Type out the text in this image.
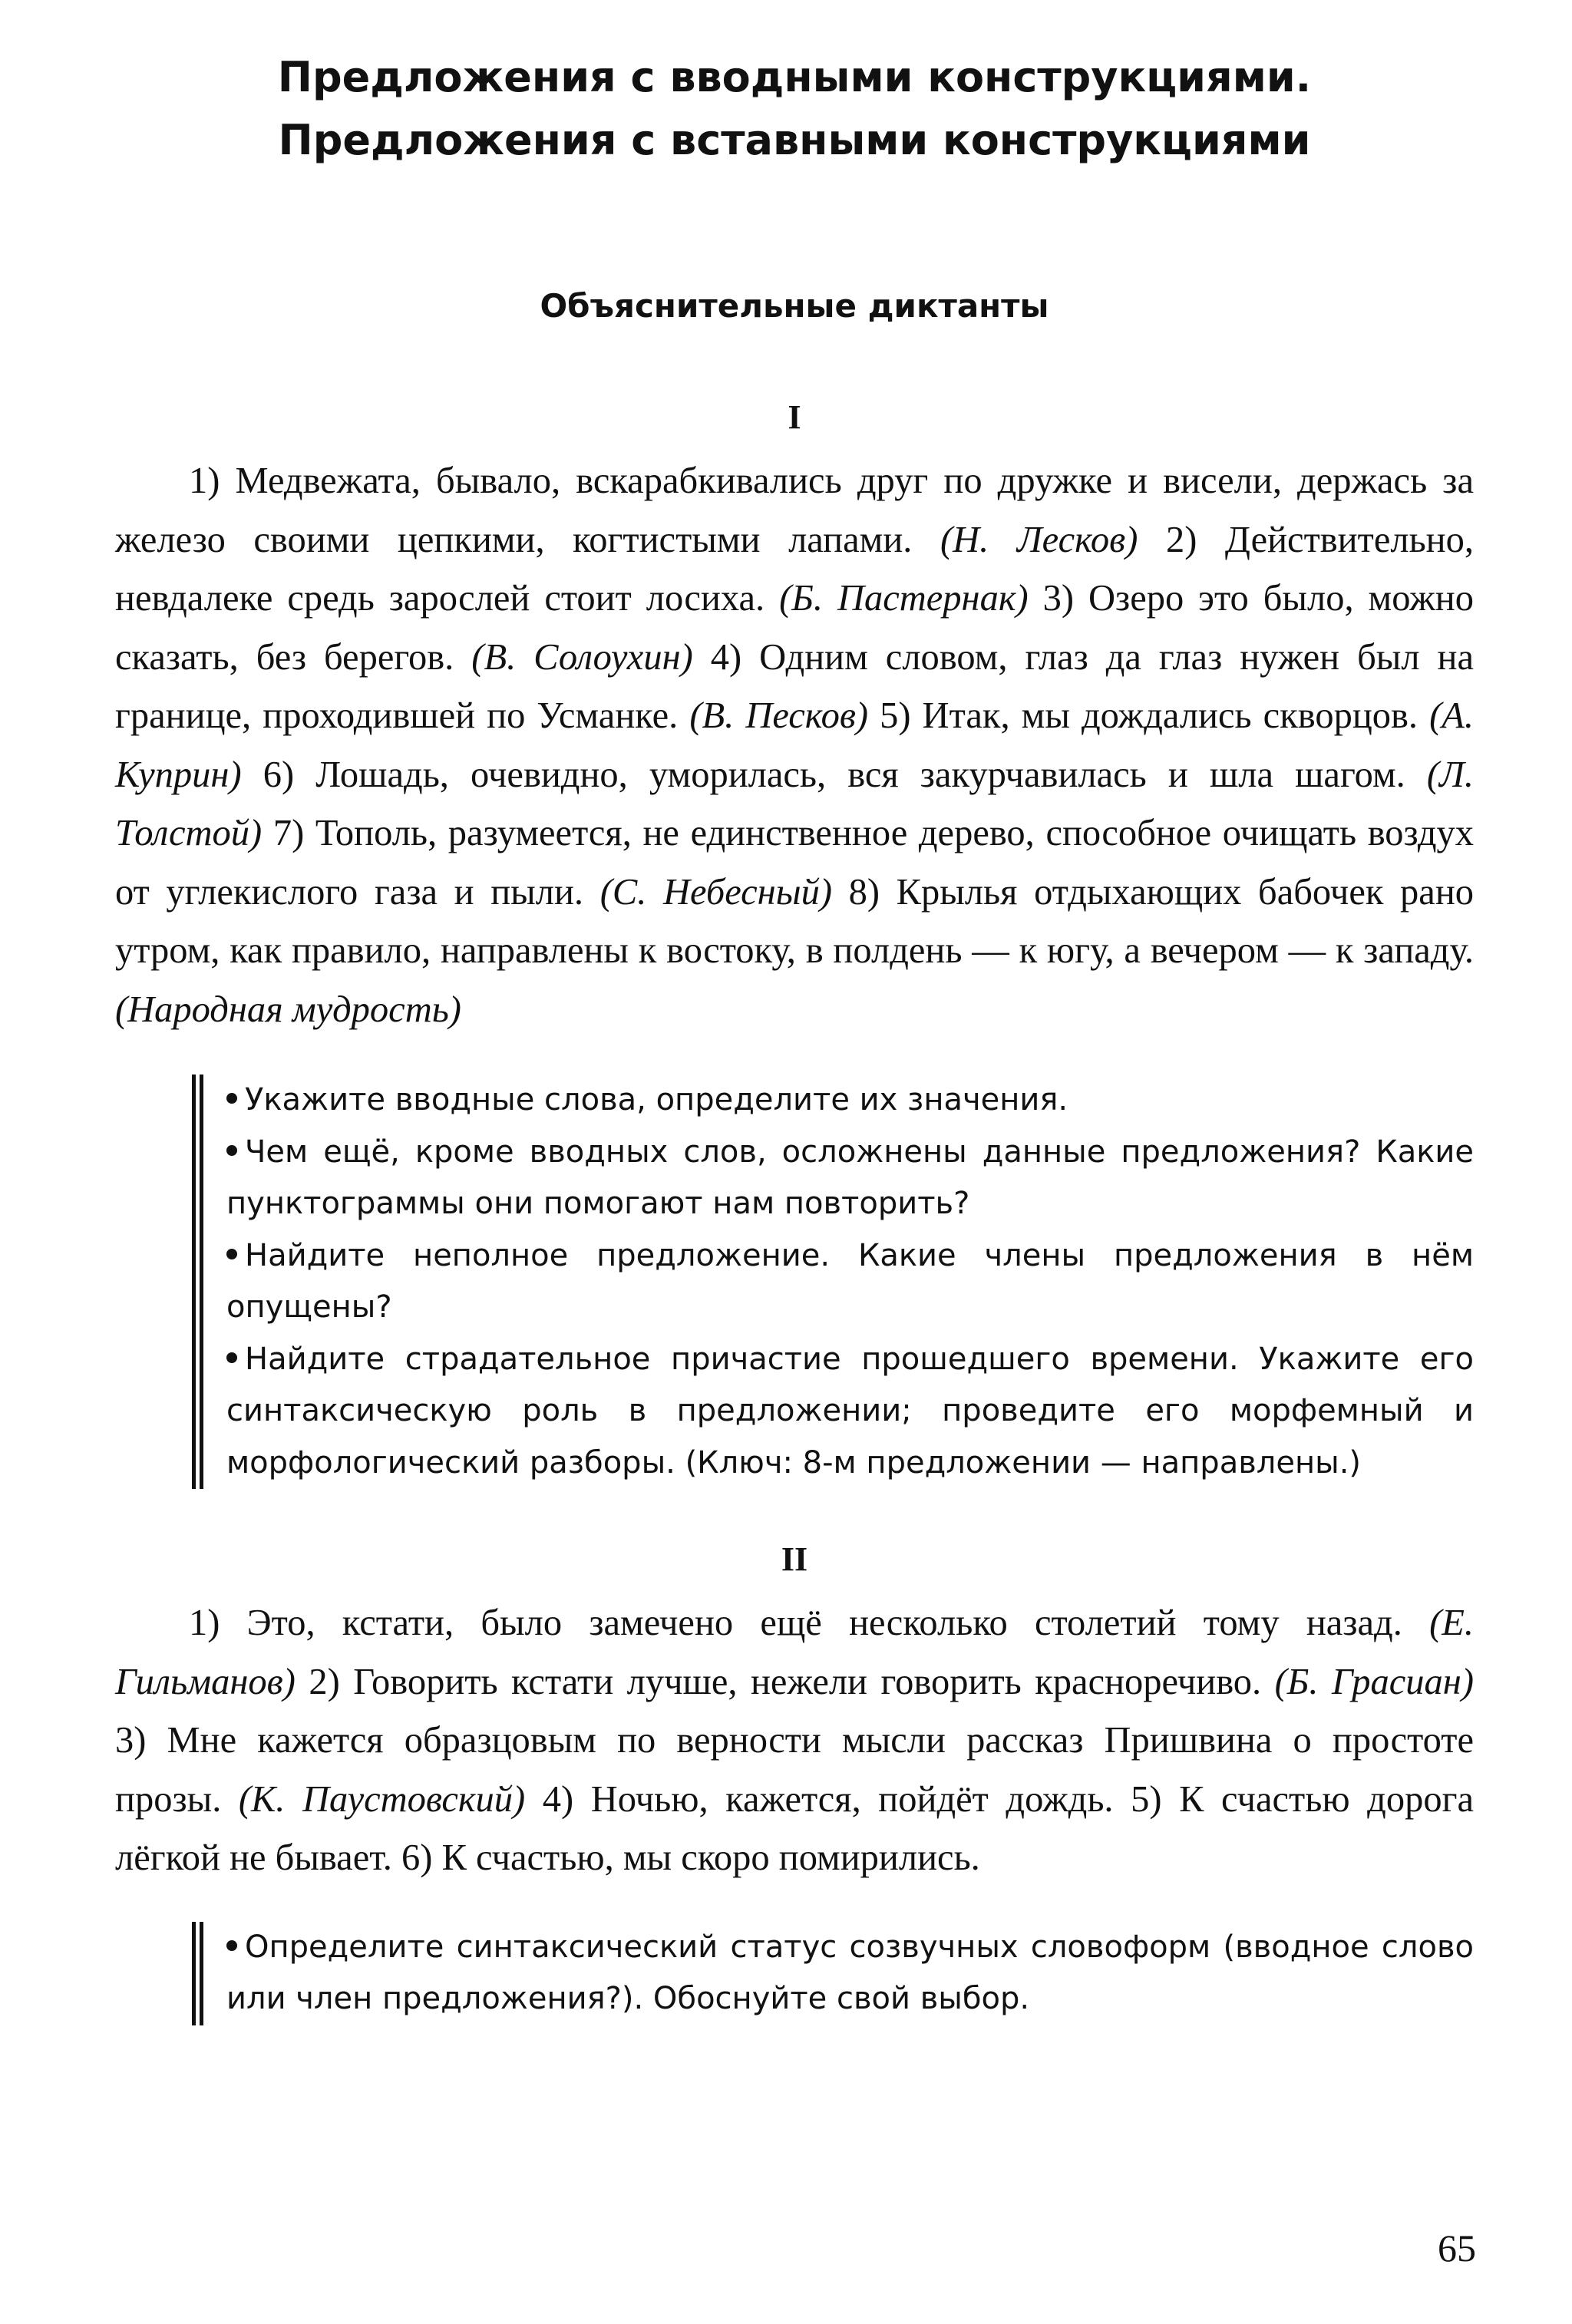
Предложения с вводными конструкциями.
Предложения с вставными конструкциями
Объяснительные диктанты
I

1) Медвежата, бывало, вскарабкивались друг по дружке и висели, держась за железо своими цепкими, когтистыми лапами. (Н. Лесков) 2) Действительно, невдалеке средь зарослей стоит лосиха. (Б. Пастернак) 3) Озеро это было, можно сказать, без берегов. (В. Солоухин) 4) Одним словом, глаз да глаз нужен был на границе, проходившей по Усманке. (В. Песков) 5) Итак, мы дождались скворцов. (А. Куприн) 6) Лошадь, очевидно, уморилась, вся закурчавилась и шла шагом. (Л. Толстой) 7) Тополь, разумеется, не единственное дерево, способное очищать воздух от углекислого газа и пыли. (С. Небесный) 8) Крылья отдыхающих бабочек рано утром, как правило, направлены к востоку, в полдень — к югу, а вечером — к западу. (Народная мудрость)

Укажите вводные слова, определите их значения.

Чем ещё, кроме вводных слов, осложнены данные предложения? Какие пунктограммы они помогают нам повторить?

Найдите неполное предложение. Какие члены предложения в нём опущены?

Найдите страдательное причастие прошедшего времени. Укажите его синтаксическую роль в предложении; проведите его морфемный и морфологический разборы. (Ключ: 8-м предложении — направлены.)

II

1) Это, кстати, было замечено ещё несколько столетий тому назад. (Е. Гильманов) 2) Говорить кстати лучше, нежели говорить красноречиво. (Б. Грасиан) 3) Мне кажется образцовым по верности мысли рассказ Пришвина о простоте прозы. (К. Паустовский) 4) Ночью, кажется, пойдёт дождь. 5) К счастью дорога лёгкой не бывает. 6) К счастью, мы скоро помирились.

Определите синтаксический статус созвучных словоформ (вводное слово или член предложения?). Обоснуйте свой выбор.

65
